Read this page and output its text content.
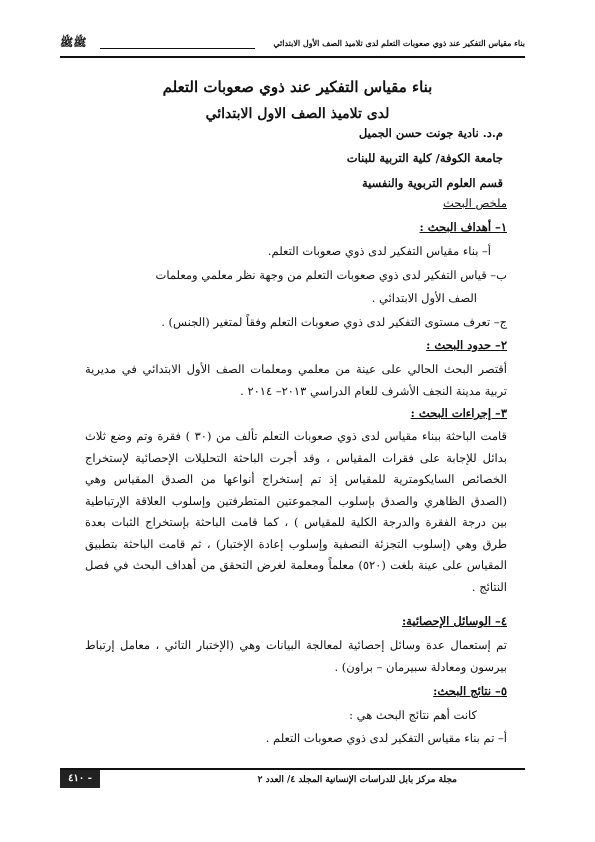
بناء مقياس التفكير عند ذوي صعوبات التعلم لدى تلاميذ الصف الأول الابتدائي
ﷺﷺ
بناء مقياس التفكير عند ذوي صعوبات التعلم
لدى تلاميذ الصف الاول الابتدائي
م.د. نادية جونت حسن الجميل
جامعة الكوفة/ كلية التربية للبنات
قسم العلوم التربوية والنفسية
ملخص البحث
١– أهداف البحث :
أ– بناء مقياس التفكير لدى ذوي صعوبات التعلم.
ب– قياس التفكير لدى ذوي صعوبات التعلم من وجهة نظر معلمي ومعلمات
الصف الأول الابتدائي .
ج– تعرف مستوى التفكير لدى ذوي صعوبات التعلم وفقاً لمتغير (الجنس) .
٢– حدود البحث :
أقتصر البحث الحالي على عينة من معلمي ومعلمات الصف الأول الابتدائي في مديرية تربية مدينة النجف الأشرف للعام الدراسي ٢٠١٣– ٢٠١٤ .
٣– إجراءات البحث :
قامت الباحثة ببناء مقياس لدى ذوي صعوبات التعلم تألف من (٣٠ ) فقرة وتم وضع ثلاث بدائل للإجابة على فقرات المقياس ، وقد أجرت الباحثة التحليلات الإحصائية لإستخراج الخصائص السايكومترية للمقياس إذ تم إستخراج أنواعها من الصدق المقياس وهي (الصدق الظاهري والصدق بإسلوب المجموعتين المتطرفتين وإسلوب العلاقة الإرتباطية بين درجة الفقرة والدرجة الكلية للمقياس ) ، كما قامت الباحثة بإستخراج الثبات بعدة طرق وهي (إسلوب التجزئة النصفية وإسلوب إعادة الإختبار) ، ثم قامت الباحثة بتطبيق المقياس على عينة بلغت (٥٢٠) معلماً ومعلمة لغرض التحقق من أهداف البحث في فصل النتائج .
٤– الوسائل الإحصائية:
تم إستعمال عدة وسائل إحصائية لمعالجة البيانات وهي (الإختبار التائي ، معامل إرتباط بيرسون ومعادلة سبيرمان – براون) .
٥– نتائج البحث:
كانت أهم نتائج البحث هي :
أ– تم بناء مقياس التفكير لدى ذوي صعوبات التعلم .
مجلة مركز بابل للدراسات الإنسانية المجلد ٤/ العدد ٢
- ٤١٠
